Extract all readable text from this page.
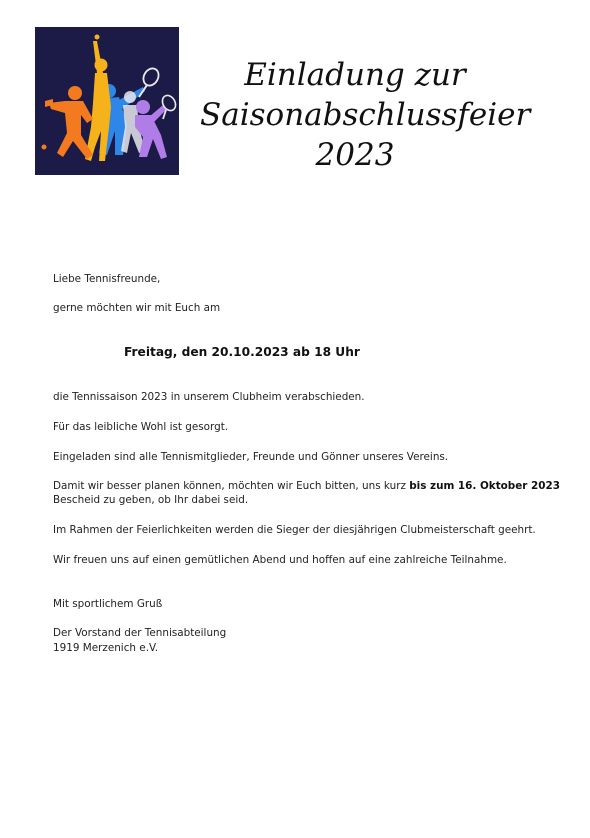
Einladung zur
Saisonabschlussfeier
2023
Liebe Tennisfreunde,
gerne möchten wir mit Euch am
Freitag, den 20.10.2023 ab 18 Uhr
die Tennissaison 2023 in unserem Clubheim verabschieden.
Für das leibliche Wohl ist gesorgt.
Eingeladen sind alle Tennismitglieder, Freunde und Gönner unseres Vereins.
Damit wir besser planen können, möchten wir Euch bitten, uns kurz bis zum 16. Oktober 2023
Bescheid zu geben, ob Ihr dabei seid.
Im Rahmen der Feierlichkeiten werden die Sieger der diesjährigen Clubmeisterschaft geehrt.
Wir freuen uns auf einen gemütlichen Abend und hoffen auf eine zahlreiche Teilnahme.
Mit sportlichem Gruß
Der Vorstand der Tennisabteilung
1919 Merzenich e.V.
